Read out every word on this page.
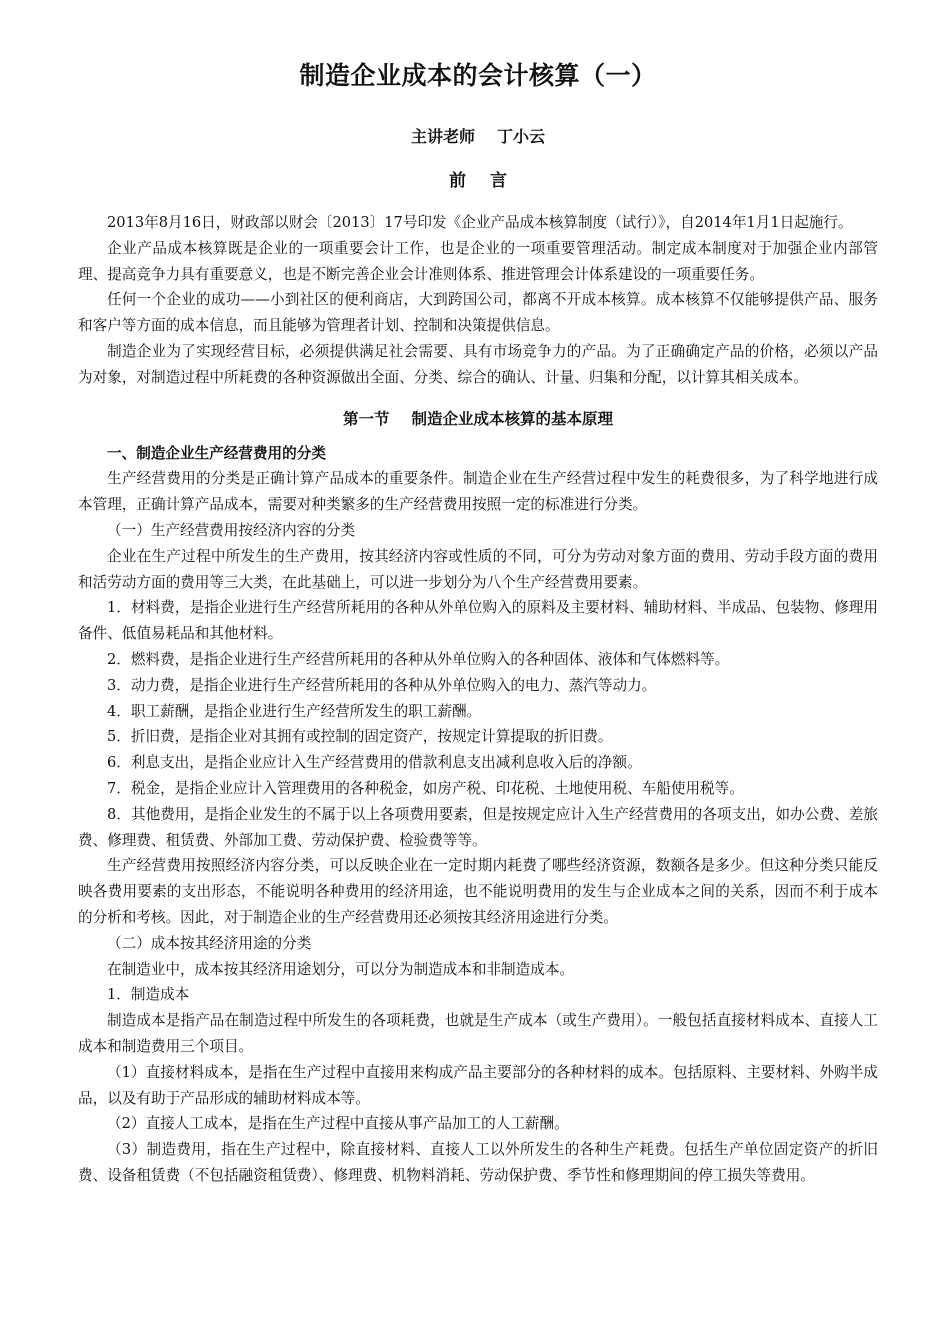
制造企业成本的会计核算（一）
主讲老师 丁小云
前言

2013年8月16日，财政部以财会〔2013〕17号印发《企业产品成本核算制度（试行）》，自2014年1月1日起施行。

企业产品成本核算既是企业的一项重要会计工作，也是企业的一项重要管理活动。制定成本制度对于加强企业内部管理、提高竞争力具有重要意义，也是不断完善企业会计准则体系、推进管理会计体系建设的一项重要任务。

任何一个企业的成功——小到社区的便利商店，大到跨国公司，都离不开成本核算。成本核算不仅能够提供产品、服务和客户等方面的成本信息，而且能够为管理者计划、控制和决策提供信息。

制造企业为了实现经营目标，必须提供满足社会需要、具有市场竞争力的产品。为了正确确定产品的价格，必须以产品为对象，对制造过程中所耗费的各种资源做出全面、分类、综合的确认、计量、归集和分配，以计算其相关成本。

第一节 制造企业成本核算的基本原理
一、制造企业生产经营费用的分类

生产经营费用的分类是正确计算产品成本的重要条件。制造企业在生产经营过程中发生的耗费很多，为了科学地进行成本管理，正确计算产品成本，需要对种类繁多的生产经营费用按照一定的标准进行分类。

（一）生产经营费用按经济内容的分类

企业在生产过程中所发生的生产费用，按其经济内容或性质的不同，可分为劳动对象方面的费用、劳动手段方面的费用和活劳动方面的费用等三大类，在此基础上，可以进一步划分为八个生产经营费用要素。

1．材料费，是指企业进行生产经营所耗用的各种从外单位购入的原料及主要材料、辅助材料、半成品、包装物、修理用备件、低值易耗品和其他材料。

2．燃料费，是指企业进行生产经营所耗用的各种从外单位购入的各种固体、液体和气体燃料等。

3．动力费，是指企业进行生产经营所耗用的各种从外单位购入的电力、蒸汽等动力。

4．职工薪酬，是指企业进行生产经营所发生的职工薪酬。

5．折旧费，是指企业对其拥有或控制的固定资产，按规定计算提取的折旧费。

6．利息支出，是指企业应计入生产经营费用的借款利息支出减利息收入后的净额。

7．税金，是指企业应计入管理费用的各种税金，如房产税、印花税、土地使用税、车船使用税等。

8．其他费用，是指企业发生的不属于以上各项费用要素，但是按规定应计入生产经营费用的各项支出，如办公费、差旅费、修理费、租赁费、外部加工费、劳动保护费、检验费等等。

生产经营费用按照经济内容分类，可以反映企业在一定时期内耗费了哪些经济资源，数额各是多少。但这种分类只能反映各费用要素的支出形态，不能说明各种费用的经济用途，也不能说明费用的发生与企业成本之间的关系，因而不利于成本的分析和考核。因此，对于制造企业的生产经营费用还必须按其经济用途进行分类。

（二）成本按其经济用途的分类

在制造业中，成本按其经济用途划分，可以分为制造成本和非制造成本。

1．制造成本

制造成本是指产品在制造过程中所发生的各项耗费，也就是生产成本（或生产费用）。一般包括直接材料成本、直接人工成本和制造费用三个项目。

（1）直接材料成本，是指在生产过程中直接用来构成产品主要部分的各种材料的成本。包括原料、主要材料、外购半成品，以及有助于产品形成的辅助材料成本等。

（2）直接人工成本，是指在生产过程中直接从事产品加工的人工薪酬。

（3）制造费用，指在生产过程中，除直接材料、直接人工以外所发生的各种生产耗费。包括生产单位固定资产的折旧费、设备租赁费（不包括融资租赁费）、修理费、机物料消耗、劳动保护费、季节性和修理期间的停工损失等费用。
